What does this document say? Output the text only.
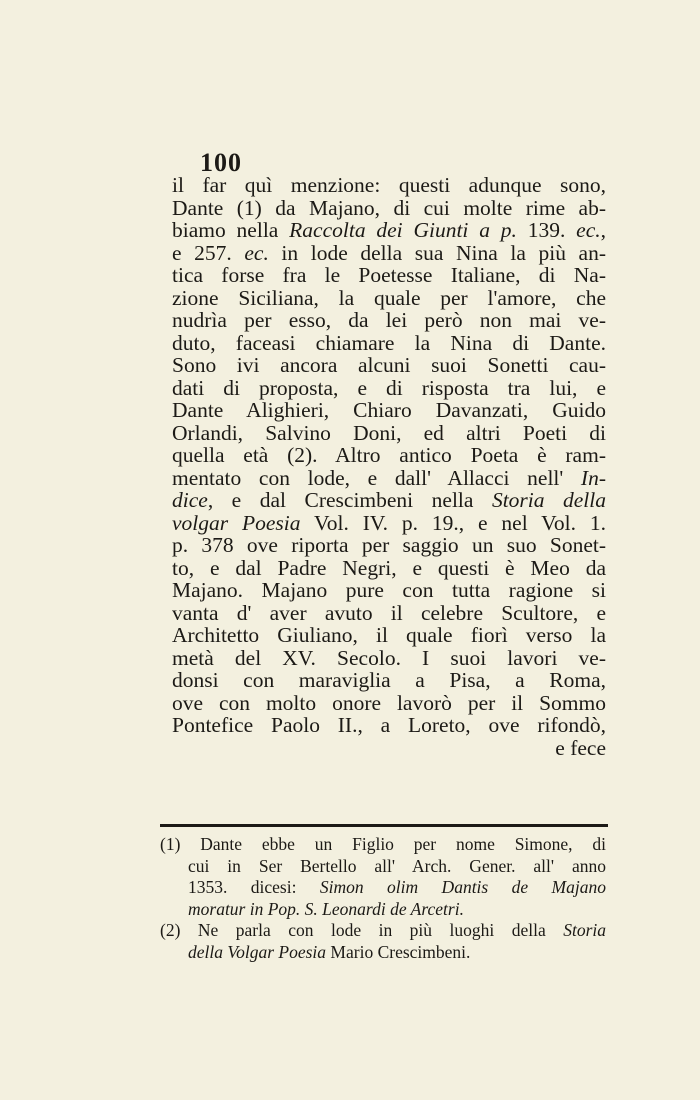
100
il far quì menzione: questi adunque sono,
Dante (1) da Majano, di cui molte rime ab-
biamo nella Raccolta dei Giunti a p. 139. ec.,
e 257. ec. in lode della sua Nina la più an-
tica forse fra le Poetesse Italiane, di Na-
zione Siciliana, la quale per l'amore, che
nudrìa per esso, da lei però non mai ve-
duto, faceasi chiamare la Nina di Dante.
Sono ivi ancora alcuni suoi Sonetti cau-
dati di proposta, e di risposta tra lui, e
Dante Alighieri, Chiaro Davanzati, Guido
Orlandi, Salvino Doni, ed altri Poeti di
quella età (2). Altro antico Poeta è ram-
mentato con lode, e dall' Allacci nell' In-
dice, e dal Crescimbeni nella Storia della
volgar Poesia Vol. IV. p. 19., e nel Vol. 1.
p. 378 ove riporta per saggio un suo Sonet-
to, e dal Padre Negri, e questi è Meo da
Majano. Majano pure con tutta ragione si
vanta d' aver avuto il celebre Scultore, e
Architetto Giuliano, il quale fiorì verso la
metà del XV. Secolo. I suoi lavori ve-
donsi con maraviglia a Pisa, a Roma,
ove con molto onore lavorò per il Sommo
Pontefice Paolo II., a Loreto, ove rifondò,
e fece
(1) Dante ebbe un Figlio per nome Simone, di
cui in Ser Bertello all' Arch. Gener. all' anno
1353. dicesi: Simon olim Dantis de Majano
moratur in Pop. S. Leonardi de Arcetri.
(2) Ne parla con lode in più luoghi della Storia
della Volgar Poesia Mario Crescimbeni.
